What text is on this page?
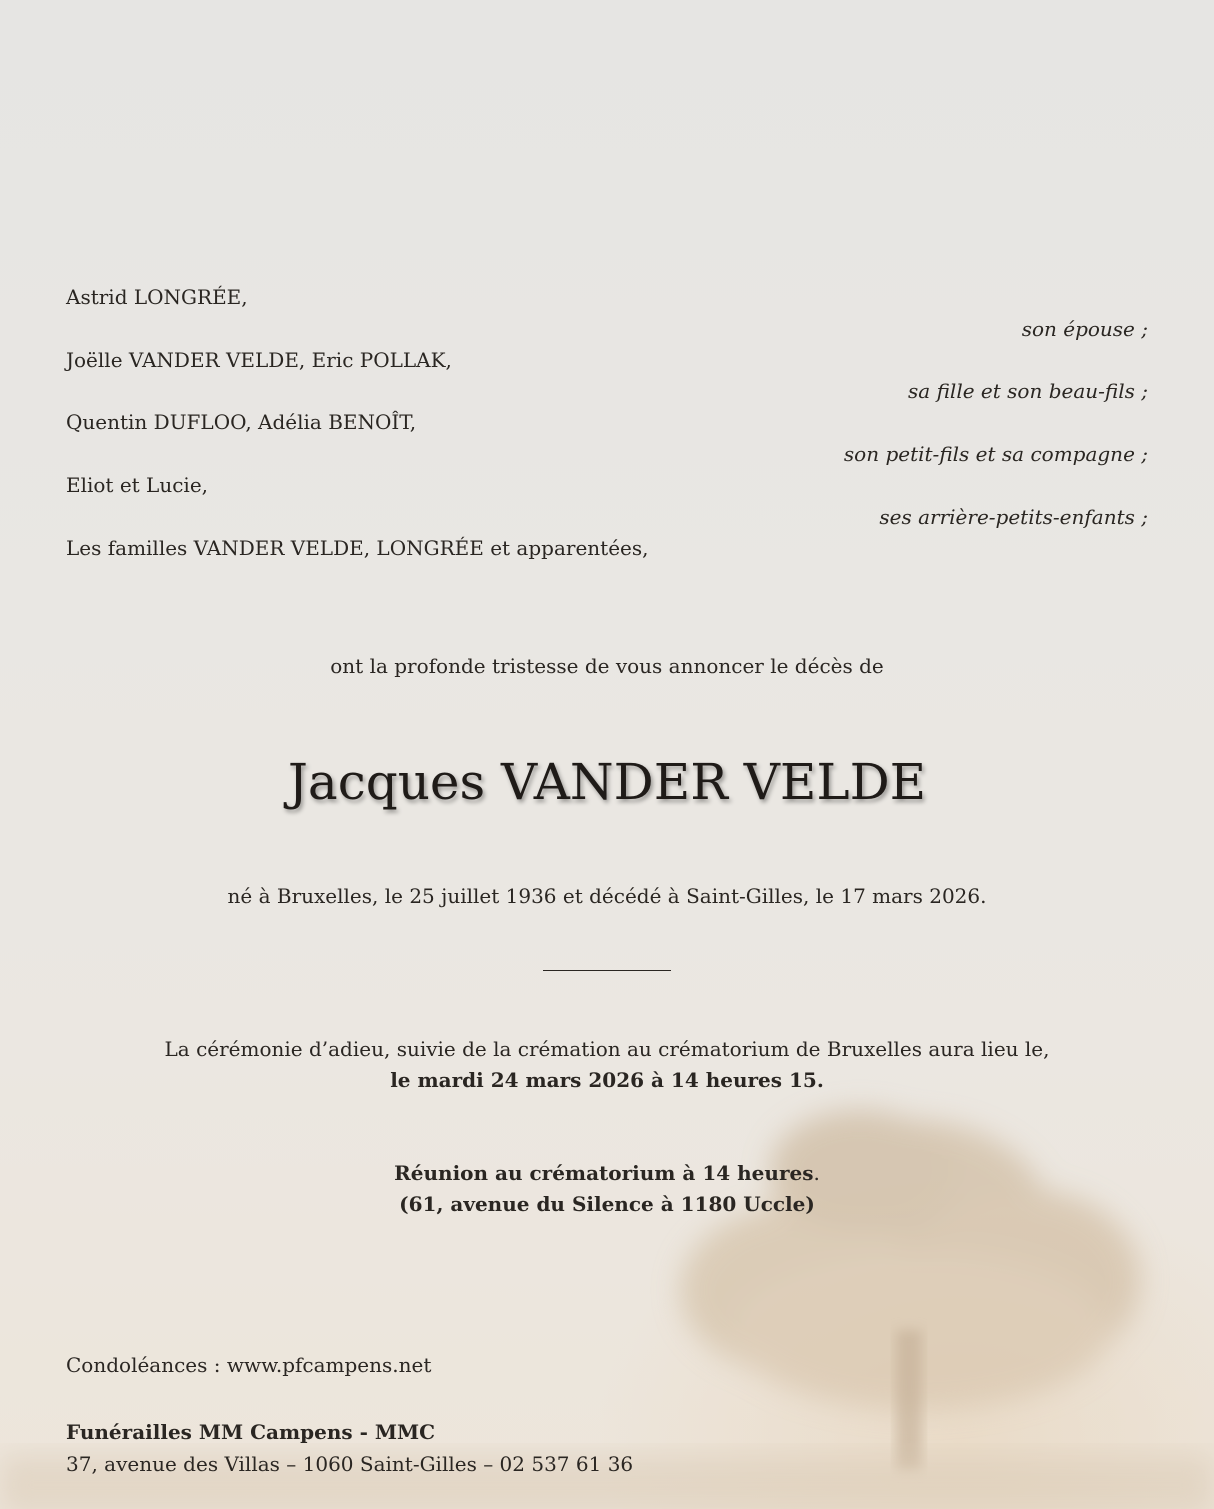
Astrid LONGRÉE,
son épouse ;
Joëlle VANDER VELDE, Eric POLLAK,
sa fille et son beau-fils ;
Quentin DUFLOO, Adélia BENOÎT,
son petit-fils et sa compagne ;
Eliot et Lucie,
ses arrière-petits-enfants ;
Les familles VANDER VELDE, LONGRÉE et apparentées,
ont la profonde tristesse de vous annoncer le décès de
Jacques VANDER VELDE
né à Bruxelles, le 25 juillet 1936 et décédé à Saint-Gilles, le 17 mars 2026.
La cérémonie d’adieu, suivie de la crémation au crématorium de Bruxelles aura lieu le,
le mardi 24 mars 2026 à 14 heures 15.
Réunion au crématorium à 14 heures.
(61, avenue du Silence à 1180 Uccle)
Condoléances : www.pfcampens.net
Funérailles MM Campens - MMC
37, avenue des Villas – 1060 Saint-Gilles – 02 537 61 36
